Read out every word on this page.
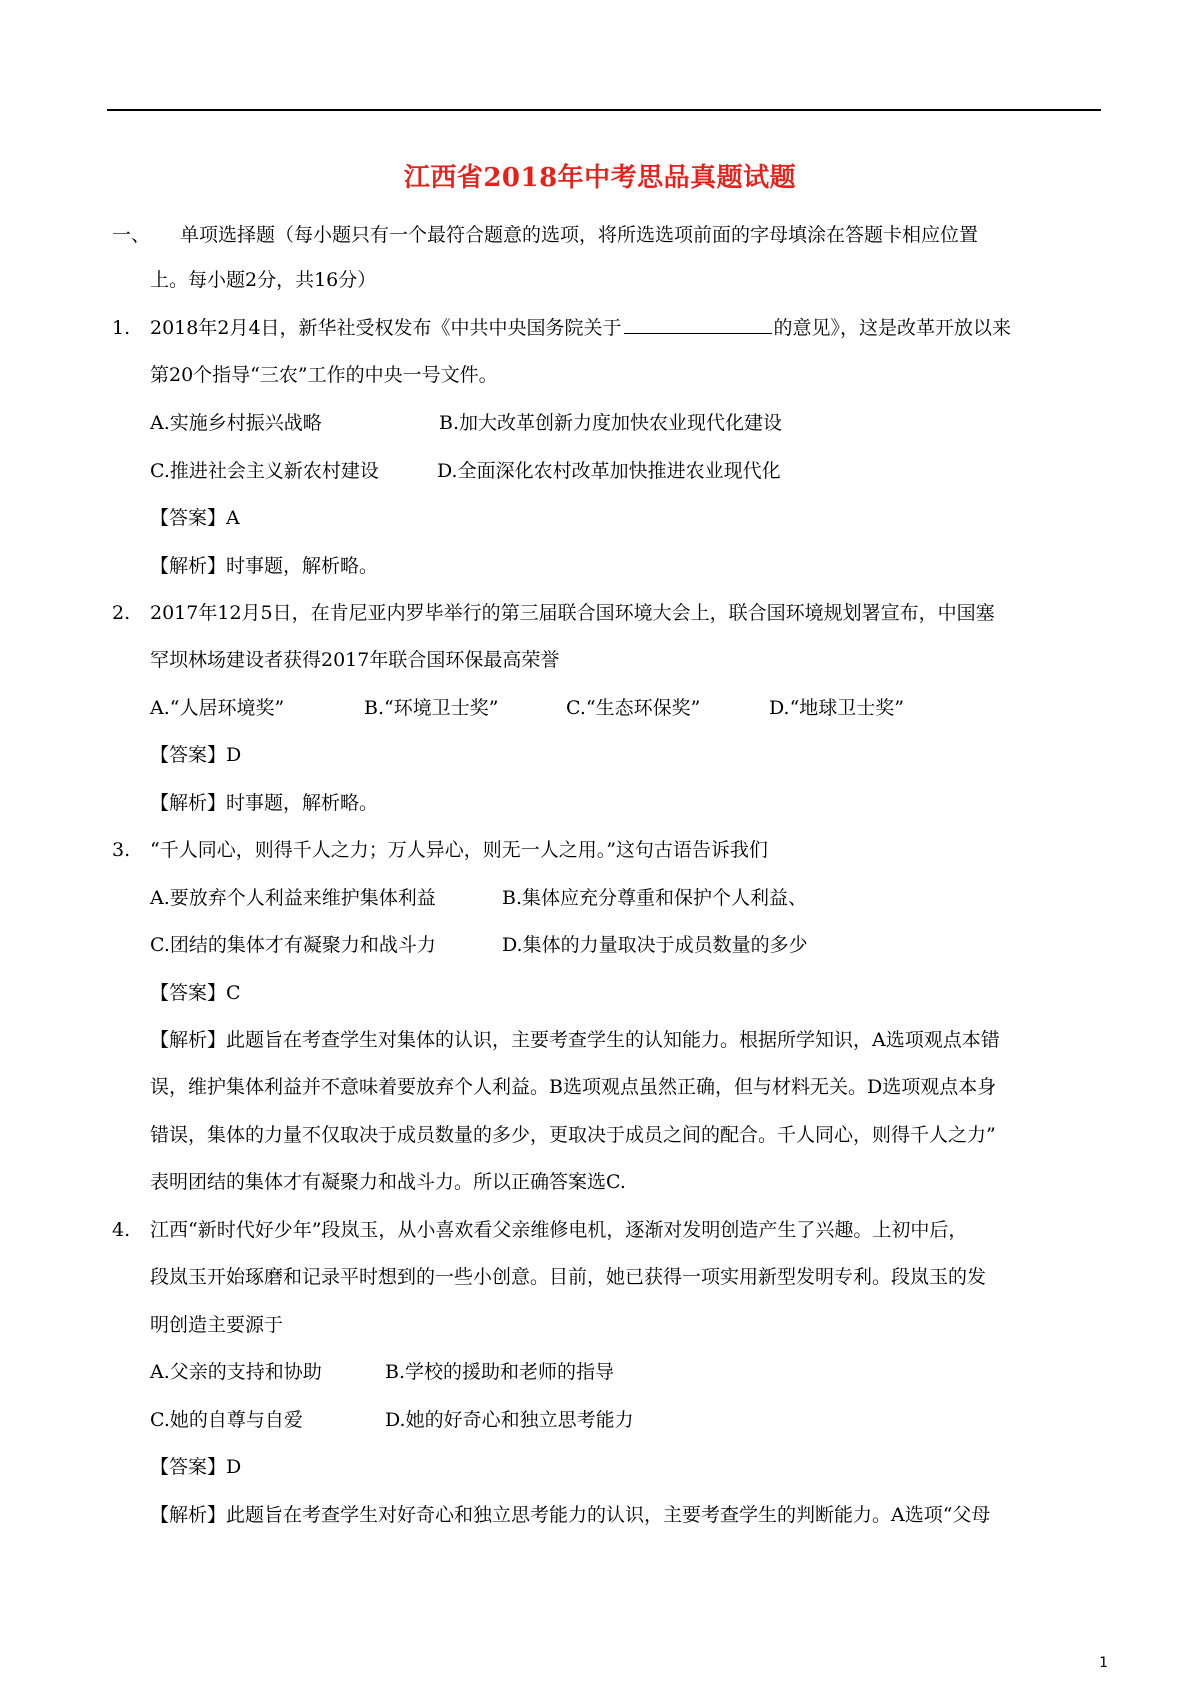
江西省2018年中考思品真题试题
一、 单项选择题（每小题只有一个最符合题意的选项，将所选选项前面的字母填涂在答题卡相应位置
上。每小题2分，共16分）
1. 2018年2月4日，新华社受权发布《中共中央国务院关于	的意见》，这是改革开放以来
第20个指导“三农”工作的中央一号文件。
A.实施乡村振兴战略	B.加大改革创新力度加快农业现代化建设
C.推进社会主义新农村建设	D.全面深化农村改革加快推进农业现代化
【答案】A
【解析】时事题，解析略。
2. 2017年12月5日，在肯尼亚内罗毕举行的第三届联合国环境大会上，联合国环境规划署宣布，中国塞
罕坝林场建设者获得2017年联合国环保最高荣誉
A.“人居环境奖”	B.“环境卫士奖”	C.“生态环保奖”	D.“地球卫士奖”
【答案】D
【解析】时事题，解析略。
3. “千人同心，则得千人之力；万人异心，则无一人之用。”这句古语告诉我们
A.要放弃个人利益来维护集体利益	B.集体应充分尊重和保护个人利益、
C.团结的集体才有凝聚力和战斗力	D.集体的力量取决于成员数量的多少
【答案】C
【解析】此题旨在考查学生对集体的认识，主要考查学生的认知能力。根据所学知识，A选项观点本错
误，维护集体利益并不意味着要放弃个人利益。B选项观点虽然正确，但与材料无关。D选项观点本身
错误，集体的力量不仅取决于成员数量的多少，更取决于成员之间的配合。千人同心，则得千人之力”
表明团结的集体才有凝聚力和战斗力。所以正确答案选C.
4. 江西“新时代好少年”段岚玉，从小喜欢看父亲维修电机，逐渐对发明创造产生了兴趣。上初中后，
段岚玉开始琢磨和记录平时想到的一些小创意。目前，她已获得一项实用新型发明专利。段岚玉的发
明创造主要源于
A.父亲的支持和协助	B.学校的援助和老师的指导
C.她的自尊与自爱	D.她的好奇心和独立思考能力
【答案】D
【解析】此题旨在考查学生对好奇心和独立思考能力的认识，主要考查学生的判断能力。A选项“父母
1
